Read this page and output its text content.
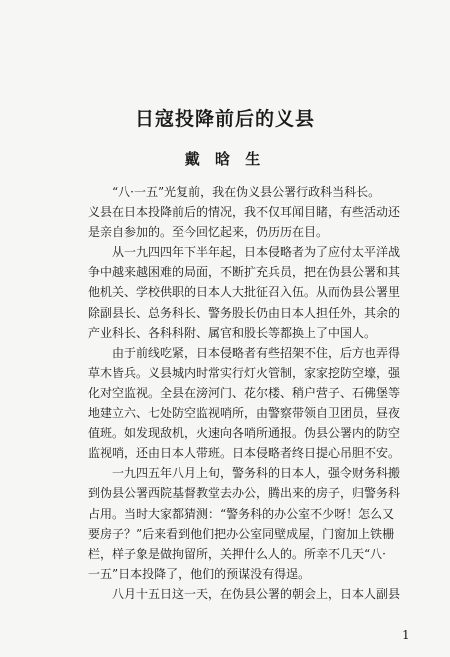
日寇投降前后的义县
戴 晗 生

“八·一五”光复前，我在伪义县公署行政科当科长。
义县在日本投降前后的情况，我不仅耳闻目睹，有些活动还
是亲自参加的。至今回忆起来，仍历历在目。

从一九四四年下半年起，日本侵略者为了应付太平洋战
争中越来越困难的局面，不断扩充兵员，把在伪县公署和其
他机关、学校供职的日本人大批征召入伍。从而伪县公署里
除副县长、总务科长、警务股长仍由日本人担任外，其余的
产业科长、各科科附、属官和股长等都换上了中国人。

由于前线吃紧，日本侵略者有些招架不住，后方也弄得
草木皆兵。义县城内时常实行灯火管制，家家挖防空壕，强
化对空监视。全县在滂河门、花尔楼、稍户营子、石佛堡等
地建立六、七处防空监视哨所，由警察带领自卫团员，昼夜
值班。如发现敌机，火速向各哨所通报。伪县公署内的防空
监视哨，还由日本人带班。日本侵略者终日提心吊胆不安。

一九四五年八月上旬，警务科的日本人，强令财务科搬
到伪县公署西院基督教堂去办公，腾出来的房子，归警务科
占用。当时大家都猜测：“警务科的办公室不少呀！怎么又
要房子？”后来看到他们把办公室同壁成屋，门窗加上铁栅
栏，样子象是做拘留所，关押什么人的。所幸不几天“八·
一五”日本投降了，他们的预谋没有得逞。

八月十五日这一天，在伪县公署的朝会上，日本人副县

1
